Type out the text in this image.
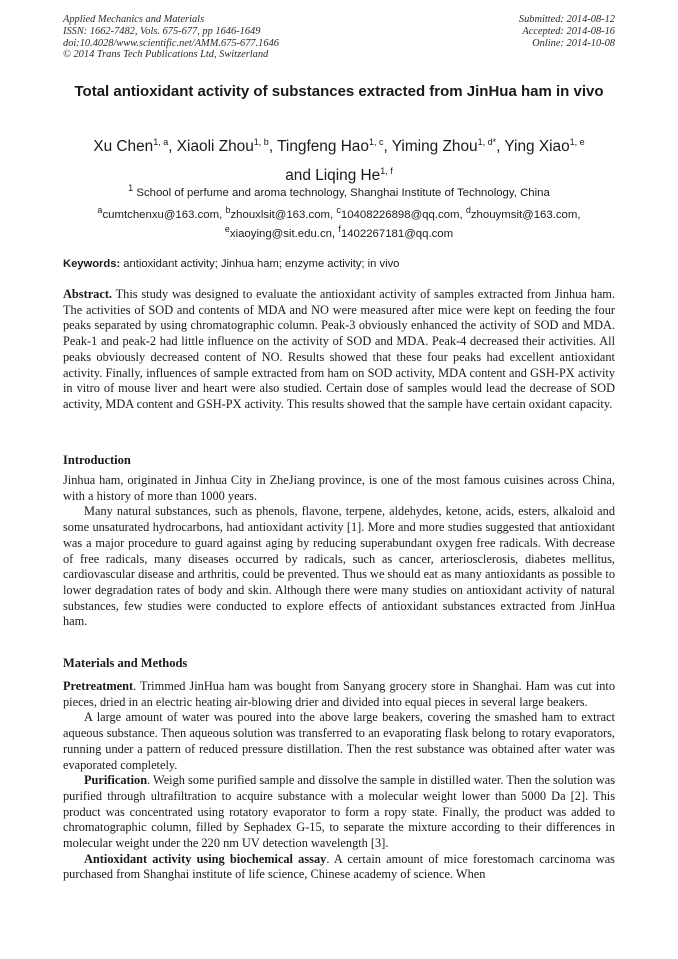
Applied Mechanics and Materials
ISSN: 1662-7482, Vols. 675-677, pp 1646-1649
doi:10.4028/www.scientific.net/AMM.675-677.1646
© 2014 Trans Tech Publications Ltd, Switzerland
Submitted: 2014-08-12
Accepted: 2014-08-16
Online: 2014-10-08
Total antioxidant activity of substances extracted from JinHua ham in vivo
Xu Chen$^{1, a}$, Xiaoli Zhou$^{1, b}$, Tingfeng Hao$^{1, c}$, Yiming Zhou$^{1, d*}$, Ying Xiao$^{1, e}$
and Liqing He$^{1, f}$
$^1$ School of perfume and aroma technology, Shanghai Institute of Technology, China
$^a$cumtchenxu@163.com, $^b$zhouxlsit@163.com, $^c$10408226898@qq.com, $^d$zhouymsit@163.com,
$^e$xiaoying@sit.edu.cn, $^f$1402267181@qq.com
Keywords: antioxidant activity; Jinhua ham; enzyme activity; in vivo

Abstract. This study was designed to evaluate the antioxidant activity of samples extracted from Jinhua ham. The activities of SOD and contents of MDA and NO were measured after mice were kept on feeding the four peaks separated by using chromatographic column. Peak-3 obviously enhanced the activity of SOD and MDA. Peak-1 and peak-2 had little influence on the activity of SOD and MDA. Peak-4 decreased their activities. All peaks obviously decreased content of NO. Results showed that these four peaks had excellent antioxidant activity. Finally, influences of sample extracted from ham on SOD activity, MDA content and GSH-PX activity in vitro of mouse liver and heart were also studied. Certain dose of samples would lead the decrease of SOD activity, MDA content and GSH-PX activity. This results showed that the sample have certain oxidant capacity.

Introduction

Jinhua ham, originated in Jinhua City in ZheJiang province, is one of the most famous cuisines across China, with a history of more than 1000 years.

Many natural substances, such as phenols, flavone, terpene, aldehydes, ketone, acids, esters, alkaloid and some unsaturated hydrocarbons, had antioxidant activity [1]. More and more studies suggested that antioxidant was a major procedure to guard against aging by reducing superabundant oxygen free radicals. With decrease of free radicals, many diseases occurred by radicals, such as cancer, arteriosclerosis, diabetes mellitus, cardiovascular disease and arthritis, could be prevented. Thus we should eat as many antioxidants as possible to lower degradation rates of body and skin. Although there were many studies on antioxidant activity of natural substances, few studies were conducted to explore effects of antioxidant substances extracted from JinHua ham.

Materials and Methods

Pretreatment. Trimmed JinHua ham was bought from Sanyang grocery store in Shanghai. Ham was cut into pieces, dried in an electric heating air-blowing drier and divided into equal pieces in several large beakers.

A large amount of water was poured into the above large beakers, covering the smashed ham to extract aqueous substance. Then aqueous solution was transferred to an evaporating flask belong to rotary evaporators, running under a pattern of reduced pressure distillation. Then the rest substance was obtained after water was evaporated completely.

Purification. Weigh some purified sample and dissolve the sample in distilled water. Then the solution was purified through ultrafiltration to acquire substance with a molecular weight lower than 5000 Da [2]. This product was concentrated using rotatory evaporator to form a ropy state. Finally, the product was added to chromatographic column, filled by Sephadex G-15, to separate the mixture according to their differences in molecular weight under the 220 nm UV detection wavelength [3].

Antioxidant activity using biochemical assay. A certain amount of mice forestomach carcinoma was purchased from Shanghai institute of life science, Chinese academy of science. When
